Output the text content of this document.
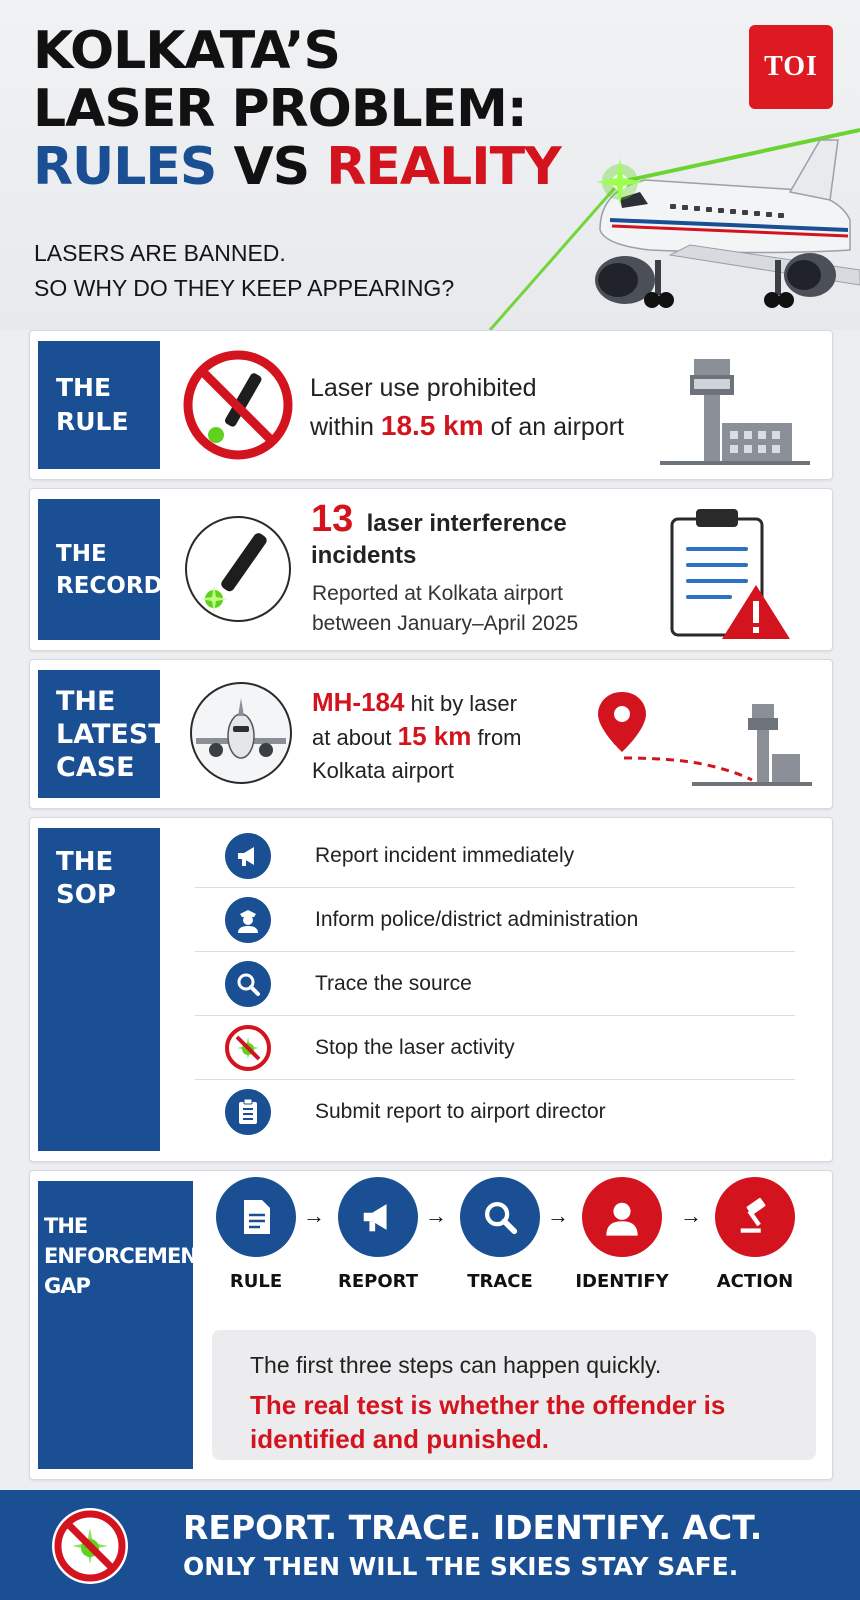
KOLKATA’S
LASER PROBLEM:
RULES VS REALITY
LASERS ARE BANNED.
SO WHY DO THEY KEEP APPEARING?
TOI
THE
RULE
Laser use prohibited
within 18.5 km of an airport
THE
RECORD
13 laser interference
incidents
Reported at Kolkata airport
between January–April 2025
THE
LATEST
CASE
MH-184 hit by laser
at about 15 km from
Kolkata airport
THE
SOP
Report incident immediately
Inform police/district administration
Trace the source
Stop the laser activity
Submit report to airport director
THE
ENFORCEMENT
GAP	RULE
→
REPORT
→
TRACE
→
IDENTIFY
→
ACTION
The first three steps can happen quickly.
The real test is whether the offender is identified and punished.
REPORT. TRACE. IDENTIFY. ACT.
ONLY THEN WILL THE SKIES STAY SAFE.
